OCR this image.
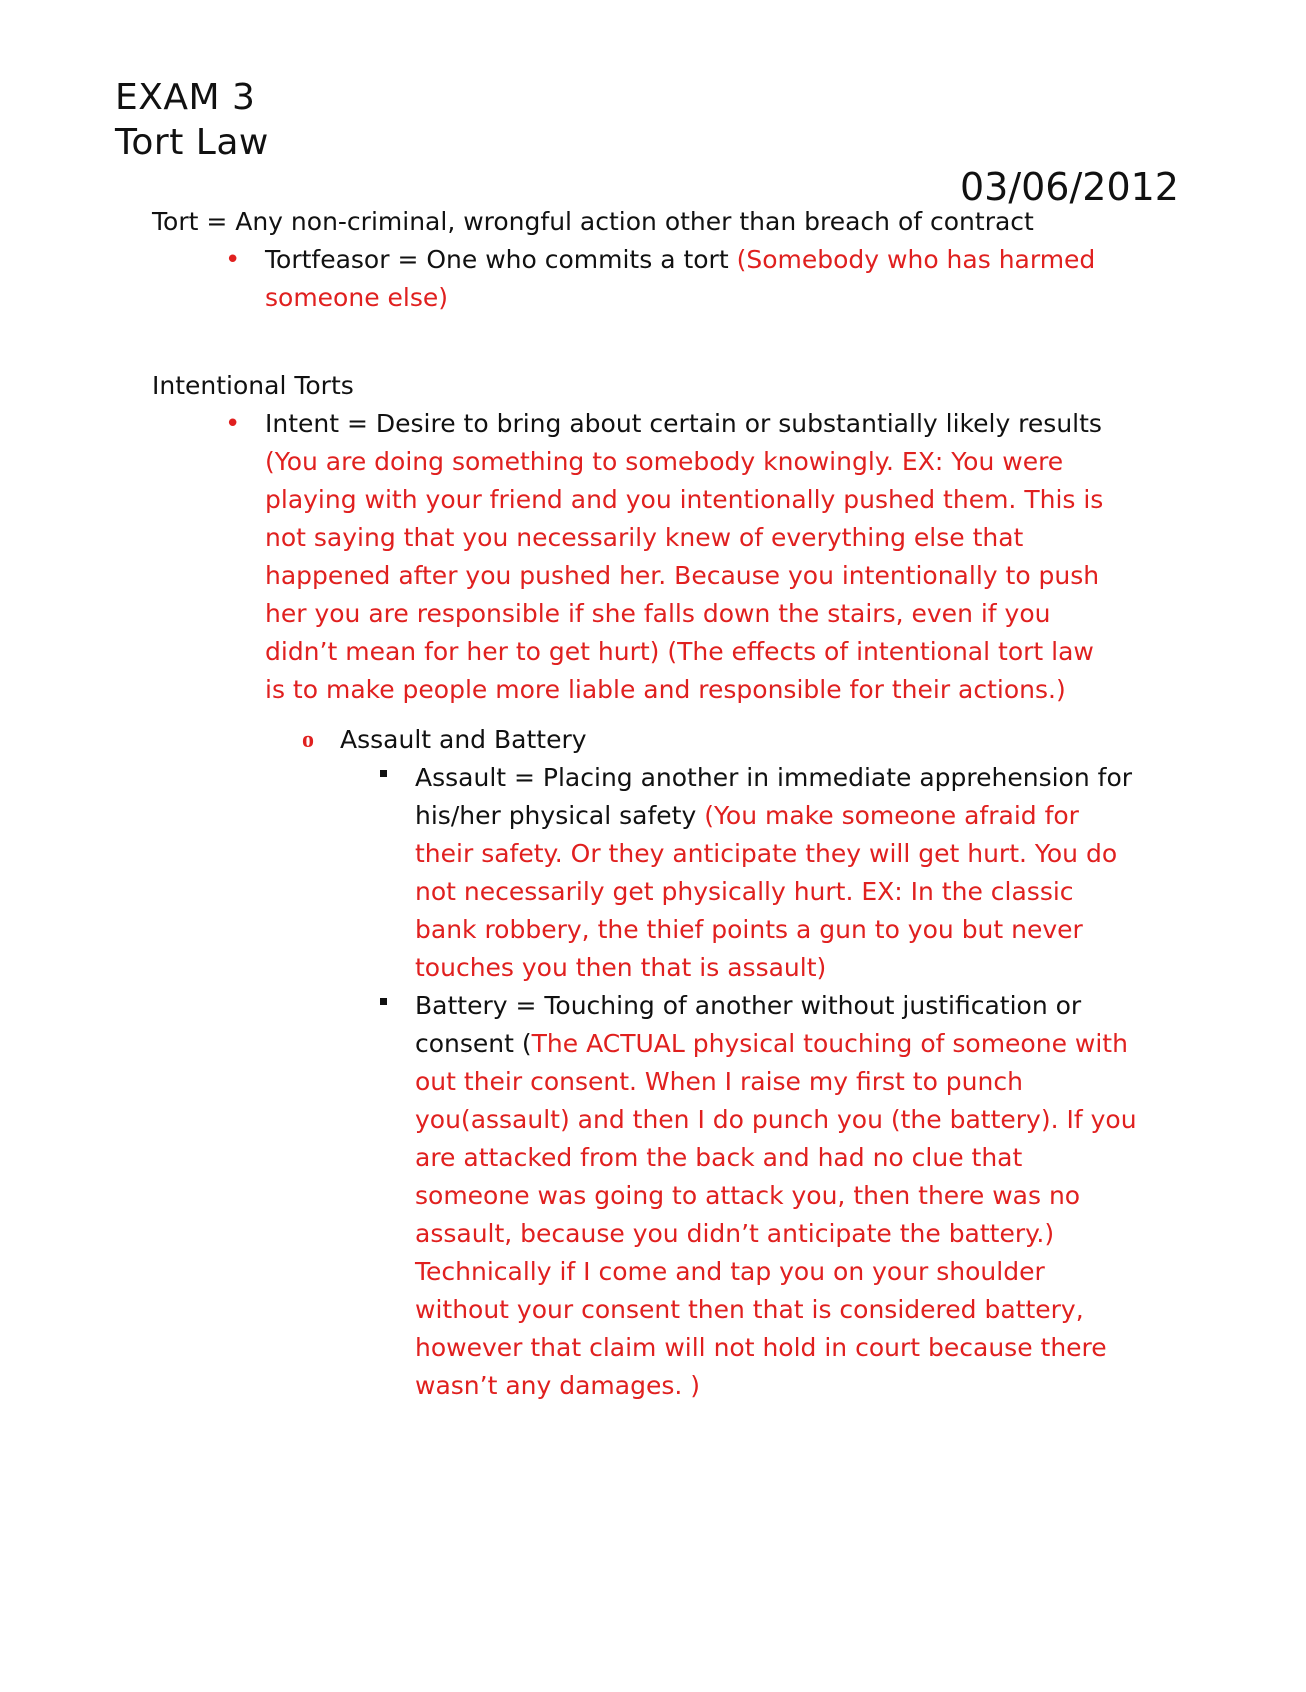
EXAM 3
Tort Law
03/06/2012
Tort = Any non-criminal, wrongful action other than breach of contract
• Tortfeasor = One who commits a tort (Somebody who has harmed someone else)
Intentional Torts
• Intent = Desire to bring about certain or substantially likely results
(You are doing something to somebody knowingly. EX: You were playing with your friend and you intentionally pushed them. This is not saying that you necessarily knew of everything else that happened after you pushed her. Because you intentionally to push her you are responsible if she falls down the stairs, even if you didn’t mean for her to get hurt) (The effects of intentional tort law is to make people more liable and responsible for their actions.)
o Assault and Battery
Assault = Placing another in immediate apprehension for his/her physical safety (You make someone afraid for their safety. Or they anticipate they will get hurt. You do not necessarily get physically hurt. EX: In the classic bank robbery, the thief points a gun to you but never touches you then that is assault)
Battery = Touching of another without justification or consent (The ACTUAL physical touching of someone with out their consent. When I raise my first to punch you(assault) and then I do punch you (the battery). If you are attacked from the back and had no clue that someone was going to attack you, then there was no assault, because you didn’t anticipate the battery.) Technically if I come and tap you on your shoulder without your consent then that is considered battery, however that claim will not hold in court because there wasn’t any damages. )
